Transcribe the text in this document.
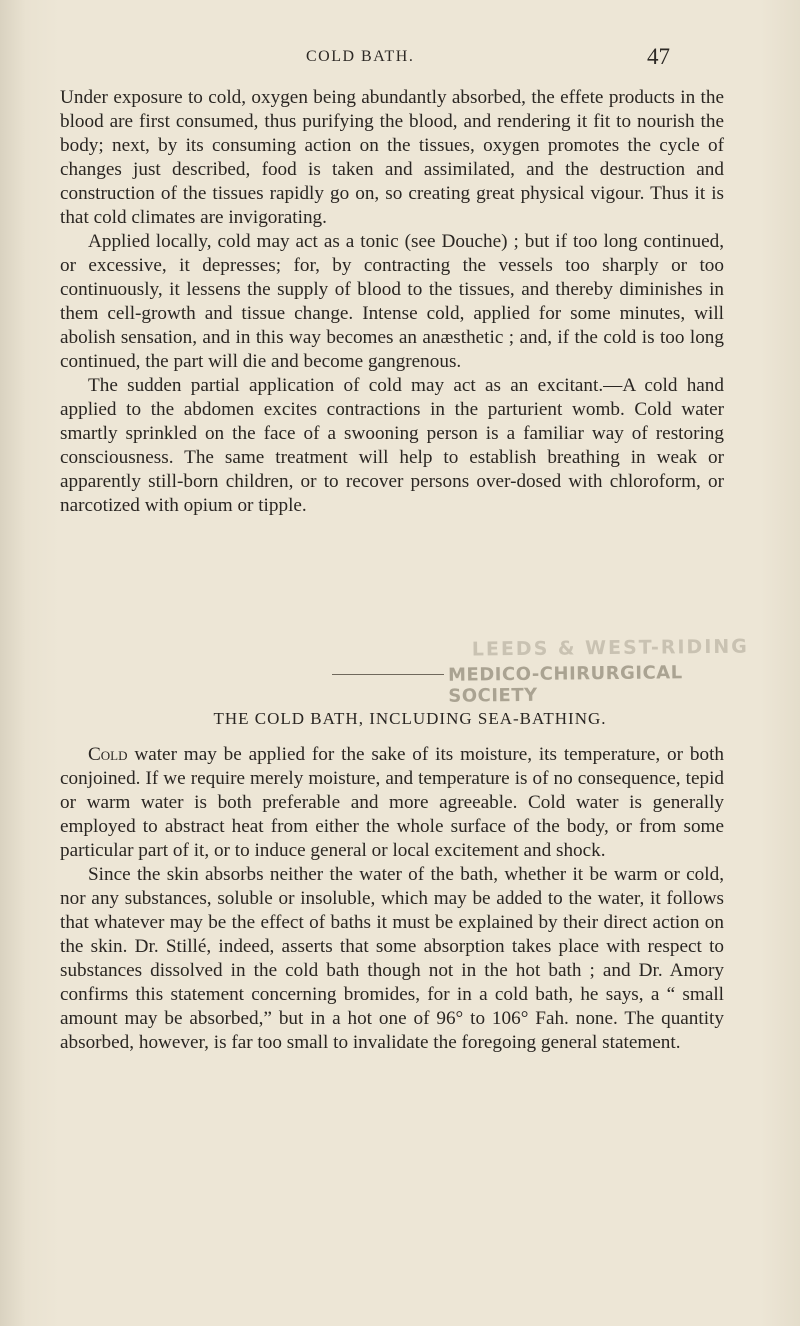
COLD BATH.	47

Under exposure to cold, oxygen being abundantly absorbed, the effete products in the blood are first consumed, thus purifying the blood, and rendering it fit to nourish the body; next, by its consuming action on the tissues, oxygen promotes the cycle of changes just described, food is taken and assimilated, and the destruction and construction of the tissues rapidly go on, so creating great physical vigour. Thus it is that cold climates are invigorating.

Applied locally, cold may act as a tonic (see Douche) ; but if too long continued, or excessive, it depresses; for, by contracting the vessels too sharply or too continuously, it lessens the supply of blood to the tissues, and thereby diminishes in them cell-growth and tissue change. Intense cold, applied for some minutes, will abolish sensation, and in this way becomes an anæsthetic ; and, if the cold is too long continued, the part will die and become gangrenous.

The sudden partial application of cold may act as an excitant.—A cold hand applied to the abdomen excites contractions in the parturient womb. Cold water smartly sprinkled on the face of a swooning person is a familiar way of restoring consciousness. The same treatment will help to establish breathing in weak or apparently still-born children, or to recover persons over-dosed with chloroform, or narcotized with opium or tipple.

LEEDS & WEST-RIDING
MEDICO-CHIRURGICAL SOCIETY
THE COLD BATH, INCLUDING SEA-BATHING.

Cold water may be applied for the sake of its moisture, its temperature, or both conjoined. If we require merely moisture, and temperature is of no consequence, tepid or warm water is both preferable and more agreeable. Cold water is generally employed to abstract heat from either the whole surface of the body, or from some particular part of it, or to induce general or local excitement and shock.

Since the skin absorbs neither the water of the bath, whether it be warm or cold, nor any substances, soluble or insoluble, which may be added to the water, it follows that whatever may be the effect of baths it must be explained by their direct action on the skin. Dr. Stillé, indeed, asserts that some absorption takes place with respect to substances dissolved in the cold bath though not in the hot bath ; and Dr. Amory confirms this statement concerning bromides, for in a cold bath, he says, a “ small amount may be absorbed,” but in a hot one of 96° to 106° Fah. none. The quantity absorbed, however, is far too small to invalidate the foregoing general statement.
